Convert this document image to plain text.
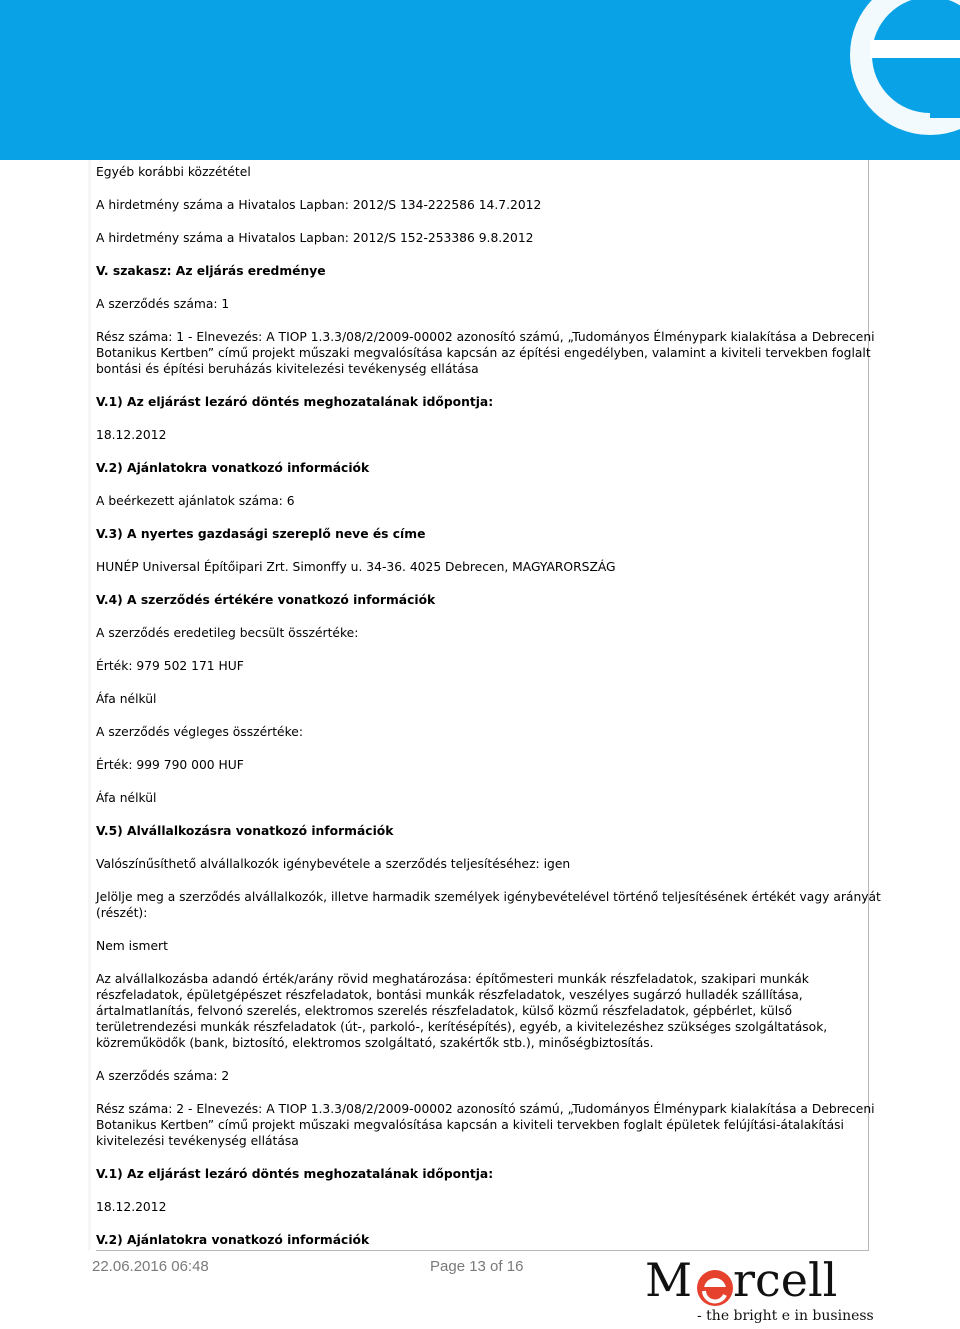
Egyéb korábbi közzététel
A hirdetmény száma a Hivatalos Lapban: 2012/S 134-222586 14.7.2012
A hirdetmény száma a Hivatalos Lapban: 2012/S 152-253386 9.8.2012
V. szakasz: Az eljárás eredménye
A szerződés száma: 1
Rész száma: 1 - Elnevezés: A TIOP 1.3.3/08/2/2009-00002 azonosító számú, „Tudományos Élménypark kialakítása a Debreceni
Botanikus Kertben” című projekt műszaki megvalósítása kapcsán az építési engedélyben, valamint a kiviteli tervekben foglalt
bontási és építési beruházás kivitelezési tevékenység ellátása
V.1) Az eljárást lezáró döntés meghozatalának időpontja:
18.12.2012
V.2) Ajánlatokra vonatkozó információk
A beérkezett ajánlatok száma: 6
V.3) A nyertes gazdasági szereplő neve és címe
HUNÉP Universal Építőipari Zrt. Simonffy u. 34-36. 4025 Debrecen, MAGYARORSZÁG
V.4) A szerződés értékére vonatkozó információk
A szerződés eredetileg becsült összértéke:
Érték: 979 502 171 HUF
Áfa nélkül
A szerződés végleges összértéke:
Érték: 999 790 000 HUF
Áfa nélkül
V.5) Alvállalkozásra vonatkozó információk
Valószínűsíthető alvállalkozók igénybevétele a szerződés teljesítéséhez: igen
Jelölje meg a szerződés alvállalkozók, illetve harmadik személyek igénybevételével történő teljesítésének értékét vagy arányát
(részét):
Nem ismert
Az alvállalkozásba adandó érték/arány rövid meghatározása: építőmesteri munkák részfeladatok, szakipari munkák
részfeladatok, épületgépészet részfeladatok, bontási munkák részfeladatok, veszélyes sugárzó hulladék szállítása,
ártalmatlanítás, felvonó szerelés, elektromos szerelés részfeladatok, külső közmű részfeladatok, gépbérlet, külső
területrendezési munkák részfeladatok (út-, parkoló-, kerítésépítés), egyéb, a kivitelezéshez szükséges szolgáltatások,
közreműködők (bank, biztosító, elektromos szolgáltató, szakértők stb.), minőségbiztosítás.
A szerződés száma: 2
Rész száma: 2 - Elnevezés: A TIOP 1.3.3/08/2/2009-00002 azonosító számú, „Tudományos Élménypark kialakítása a Debreceni
Botanikus Kertben” című projekt műszaki megvalósítása kapcsán a kiviteli tervekben foglalt épületek felújítási-átalakítási
kivitelezési tevékenység ellátása
V.1) Az eljárást lezáró döntés meghozatalának időpontja:
18.12.2012
V.2) Ajánlatokra vonatkozó információk
22.06.2016 06:48	Page 13 of 16	M rcell
- the bright e in business
